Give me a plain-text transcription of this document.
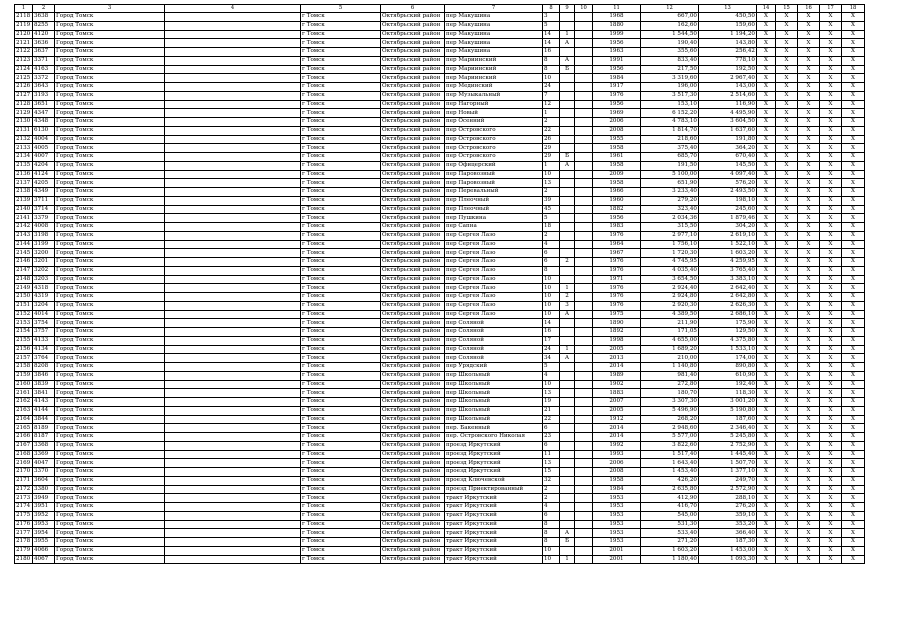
1	2	3	4	5	6	7	8	9	10	11	12	13	14	15	16	17	18
2118	3638	Город Томск		г Томск	Октябрьский район	пер Макушина	3			1968	667,00	450,50	X	X	X	X	X
2119	8255	Город Томск		г Томск	Октябрьский район	пер Макушина	5			1880	162,60	159,60	X	X	X	X	X
2120	4120	Город Томск		г Томск	Октябрьский район	пер Макушина	14	1		1999	1 544,50	1 194,20	X	X	X	X	X
2121	3636	Город Томск		г Томск	Октябрьский район	пер Макушина	14	А		1956	190,40	143,80	X	X	X	X	X
2122	3637	Город Томск		г Томск	Октябрьский район	пер Макушина	16			1963	355,60	256,42	X	X	X	X	X
2123	3371	Город Томск		г Томск	Октябрьский район	пер Мариинский	8	А		1991	833,40	778,10	X	X	X	X	X
2124	4163	Город Томск		г Томск	Октябрьский район	пер Мариинский	8	Б		1956	217,50	192,50	X	X	X	X	X
2125	3372	Город Томск		г Томск	Октябрьский район	пер Мариинский	10			1984	3 319,60	2 967,40	X	X	X	X	X
2126	3643	Город Томск		г Томск	Октябрьский район	пер Мединский	24			1917	196,00	143,00	X	X	X	X	X
2127	3193	Город Томск		г Томск	Октябрьский район	пер Музыкальный	7			1976	3 517,30	2 514,60	X	X	X	X	X
2128	3651	Город Томск		г Томск	Октябрьский район	пер Нагорный	12			1956	153,10	116,90	X	X	X	X	X
2129	4347	Город Томск		г Томск	Октябрьский район	пер Новый	1			1969	6 152,20	4 495,90	X	X	X	X	X
2130	4348	Город Томск		г Томск	Октябрьский район	пер Осенний	2			2006	4 783,10	3 604,50	X	X	X	X	X
2131	6130	Город Томск		г Томск	Октябрьский район	пер Островского	22			2008	1 814,70	1 637,60	X	X	X	X	X
2132	4004	Город Томск		г Томск	Октябрьский район	пер Островского	26			1955	218,60	191,80	X	X	X	X	X
2133	4005	Город Томск		г Томск	Октябрьский район	пер Островского	29			1958	375,40	364,20	X	X	X	X	X
2134	4007	Город Томск		г Томск	Октябрьский район	пер Островского	29	Б		1961	685,70	670,40	X	X	X	X	X
2135	4204	Город Томск		г Томск	Октябрьский район	пер Офицерский	1	А		1958	191,50	145,50	X	X	X	X	X
2136	4124	Город Томск		г Томск	Октябрьский район	пер Паровозный	10			2009	5 100,00	4 097,40	X	X	X	X	X
2137	4205	Город Томск		г Томск	Октябрьский район	пер Паровозный	13			1958	651,90	576,20	X	X	X	X	X
2138	4349	Город Томск		г Томск	Октябрьский район	пер Перевальный	2			1966	3 233,40	2 493,50	X	X	X	X	X
2139	3711	Город Томск		г Томск	Октябрьский район	пер Плеочный	39			1960	279,20	198,10	X	X	X	X	X
2140	3714	Город Томск		г Томск	Октябрьский район	пер Плеочный	45			1882	323,40	245,60	X	X	X	X	X
2141	3379	Город Томск		г Томск	Октябрьский район	пер Пушкина	5			1956	2 034,36	1 879,46	X	X	X	X	X
2142	4008	Город Томск		г Томск	Октябрьский район	пер Сапна	18			1983	315,50	304,20	X	X	X	X	X
2143	3198	Город Томск		г Томск	Октябрьский район	пер Сергея Лазо	2			1976	2 977,10	2 619,10	X	X	X	X	X
2144	3199	Город Томск		г Томск	Октябрьский район	пер Сергея Лазо	4			1964	1 756,10	1 522,10	X	X	X	X	X
2145	3200	Город Томск		г Томск	Октябрьский район	пер Сергея Лазо	6			1967	1 720,30	1 603,20	X	X	X	X	X
2146	3201	Город Томск		г Томск	Октябрьский район	пер Сергея Лазо	6	2		1976	4 745,95	4 259,95	X	X	X	X	X
2147	3202	Город Томск		г Томск	Октябрьский район	пер Сергея Лазо	8			1976	4 035,40	3 765,40	X	X	X	X	X
2148	3203	Город Томск		г Томск	Октябрьский район	пер Сергея Лазо	10			1971	3 654,50	3 383,10	X	X	X	X	X
2149	4318	Город Томск		г Томск	Октябрьский район	пер Сергея Лазо	10	1		1976	2 924,40	2 642,40	X	X	X	X	X
2150	4319	Город Томск		г Томск	Октябрьский район	пер Сергея Лазо	10	2		1976	2 924,80	2 642,80	X	X	X	X	X
2151	3204	Город Томск		г Томск	Октябрьский район	пер Сергея Лазо	10	3		1976	2 920,30	2 626,30	X	X	X	X	X
2152	4014	Город Томск		г Томск	Октябрьский район	пер Сергея Лазо	10	А		1975	4 389,50	2 686,10	X	X	X	X	X
2153	3754	Город Томск		г Томск	Октябрьский район	пер Соляной	14			1890	211,90	175,90	X	X	X	X	X
2154	3757	Город Томск		г Томск	Октябрьский район	пер Соляной	16			1892	171,05	129,50	X	X	X	X	X
2155	4133	Город Томск		г Томск	Октябрьский район	пер Соляной	17			1998	4 655,00	4 375,80	X	X	X	X	X
2156	4134	Город Томск		г Томск	Октябрьский район	пер Соляной	24	1		2005	1 689,20	1 533,10	X	X	X	X	X
2157	3764	Город Томск		г Томск	Октябрьский район	пер Соляной	34	А		2013	210,00	174,00	X	X	X	X	X
2158	8208	Город Томск		г Томск	Октябрьский район	пер Урядский	5			2014	1 140,80	890,80	X	X	X	X	X
2159	3846	Город Томск		г Томск	Октябрьский район	пер Школьный	4			1989	981,40	610,90	X	X	X	X	X
2160	3839	Город Томск		г Томск	Октябрьский район	пер Школьный	10			1902	272,80	192,40	X	X	X	X	X
2161	3841	Город Томск		г Томск	Октябрьский район	пер Школьный	13			1883	180,70	118,30	X	X	X	X	X
2162	4143	Город Томск		г Томск	Октябрьский район	пер Школьный	19			2007	3 307,30	3 001,20	X	X	X	X	X
2163	4144	Город Томск		г Томск	Октябрьский район	пер Школьный	21			2005	5 496,90	5 190,80	X	X	X	X	X
2164	3844	Город Томск		г Томск	Октябрьский район	пер Школьный	22			1912	268,20	187,60	X	X	X	X	X
2165	8189	Город Томск		г Томск	Октябрьский район	пер. Бакенный	6			2014	2 948,60	2 346,40	X	X	X	X	X
2166	8187	Город Томск		г Томск	Октябрьский район	пер. Островского Николая	23			2014	5 577,00	5 245,80	X	X	X	X	X
2167	3368	Город Томск		г Томск	Октябрьский район	проезд Иркутский	6			1992	3 822,60	2 752,90	X	X	X	X	X
2168	3369	Город Томск		г Томск	Октябрьский район	проезд Иркутский	11			1993	1 517,40	1 445,40	X	X	X	X	X
2169	4047	Город Томск		г Томск	Октябрьский район	проезд Иркутский	13			2006	1 643,40	1 507,70	X	X	X	X	X
2170	3370	Город Томск		г Томск	Октябрьский район	проезд Иркутский	15			2008	1 453,40	1 377,10	X	X	X	X	X
2171	3604	Город Томск		г Томск	Октябрьский район	проезд Ключевской	32			1958	426,20	249,70	X	X	X	X	X
2172	3380	Город Томск		г Томск	Октябрьский район	проезд Приектированный	2			1984	2 635,80	2 572,90	X	X	X	X	X
2173	3949	Город Томск		г Томск	Октябрьский район	тракт Иркутский	2			1953	412,90	288,10	X	X	X	X	X
2174	3951	Город Томск		г Томск	Октябрьский район	тракт Иркутский	4			1953	416,70	276,20	X	X	X	X	X
2175	3952	Город Томск		г Томск	Октябрьский район	тракт Иркутский	6			1953	545,00	359,10	X	X	X	X	X
2176	3953	Город Томск		г Томск	Октябрьский район	тракт Иркутский	8			1953	531,30	353,20	X	X	X	X	X
2177	3954	Город Томск		г Томск	Октябрьский район	тракт Иркутский	8	А		1953	533,40	366,40	X	X	X	X	X
2178	3955	Город Томск		г Томск	Октябрьский район	тракт Иркутский	8	Б		1953	271,20	187,30	X	X	X	X	X
2179	4066	Город Томск		г Томск	Октябрьский район	тракт Иркутский	10			2001	1 603,20	1 453,00	X	X	X	X	X
2180	4067	Город Томск		г Томск	Октябрьский район	тракт Иркутский	10	1		2001	1 180,40	1 093,30	X	X	X	X	X
